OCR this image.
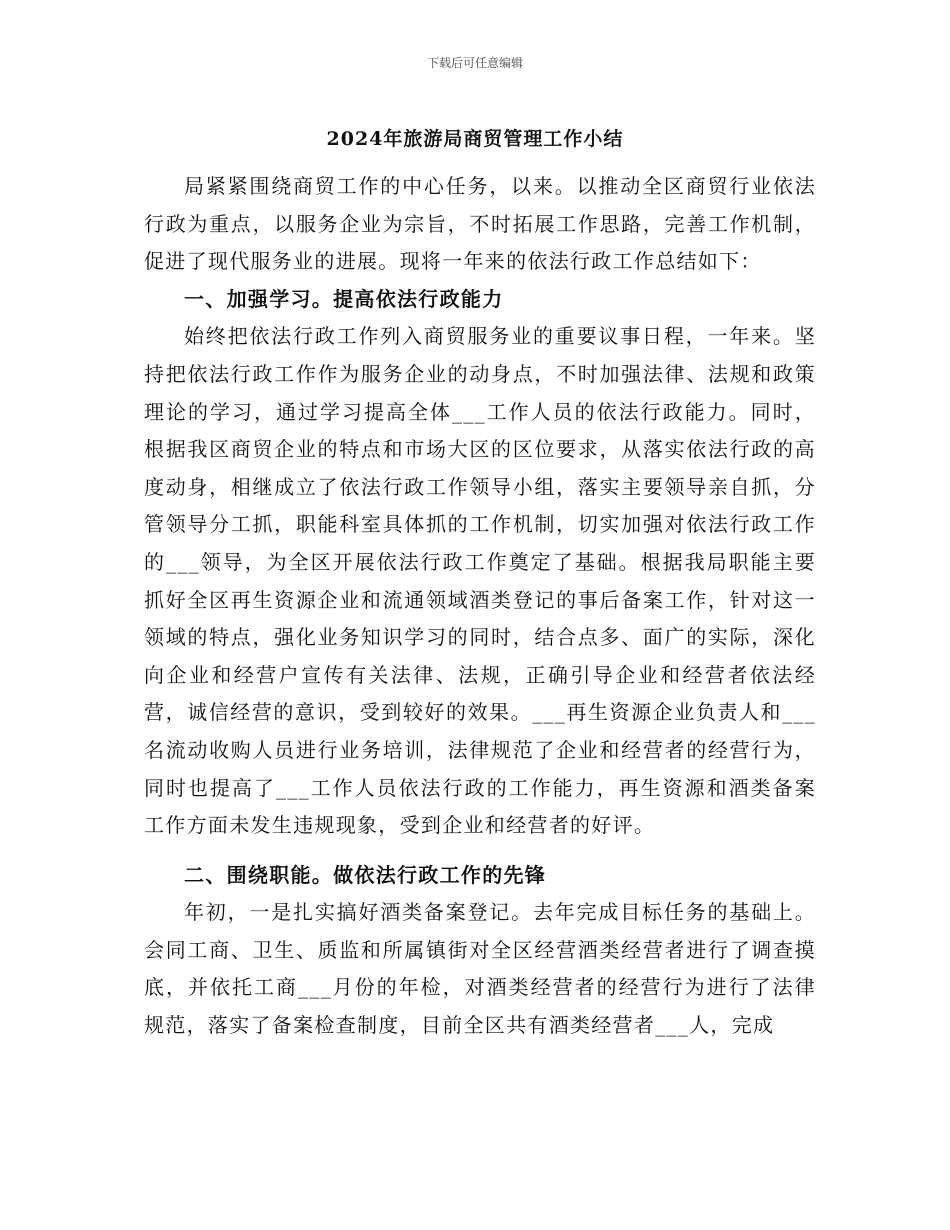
下载后可任意编辑
2024年旅游局商贸管理工作小结

局紧紧围绕商贸工作的中心任务，以来。以推动全区商贸行业依法行政为重点，以服务企业为宗旨，不时拓展工作思路，完善工作机制，促进了现代服务业的进展。现将一年来的依法行政工作总结如下：

一、加强学习。提高依法行政能力

始终把依法行政工作列入商贸服务业的重要议事日程，一年来。坚持把依法行政工作作为服务企业的动身点，不时加强法律、法规和政策理论的学习，通过学习提高全体___工作人员的依法行政能力。同时，根据我区商贸企业的特点和市场大区的区位要求，从落实依法行政的高度动身，相继成立了依法行政工作领导小组，落实主要领导亲自抓，分管领导分工抓，职能科室具体抓的工作机制，切实加强对依法行政工作的___领导，为全区开展依法行政工作奠定了基础。根据我局职能主要抓好全区再生资源企业和流通领域酒类登记的事后备案工作，针对这一领域的特点，强化业务知识学习的同时，结合点多、面广的实际，深化向企业和经营户宣传有关法律、法规，正确引导企业和经营者依法经营，诚信经营的意识，受到较好的效果。___再生资源企业负责人和___名流动收购人员进行业务培训，法律规范了企业和经营者的经营行为，同时也提高了___工作人员依法行政的工作能力，再生资源和酒类备案工作方面未发生违规现象，受到企业和经营者的好评。

二、围绕职能。做依法行政工作的先锋

年初，一是扎实搞好酒类备案登记。去年完成目标任务的基础上。会同工商、卫生、质监和所属镇街对全区经营酒类经营者进行了调查摸底，并依托工商___月份的年检，对酒类经营者的经营行为进行了法律规范，落实了备案检查制度，目前全区共有酒类经营者___人，完成
